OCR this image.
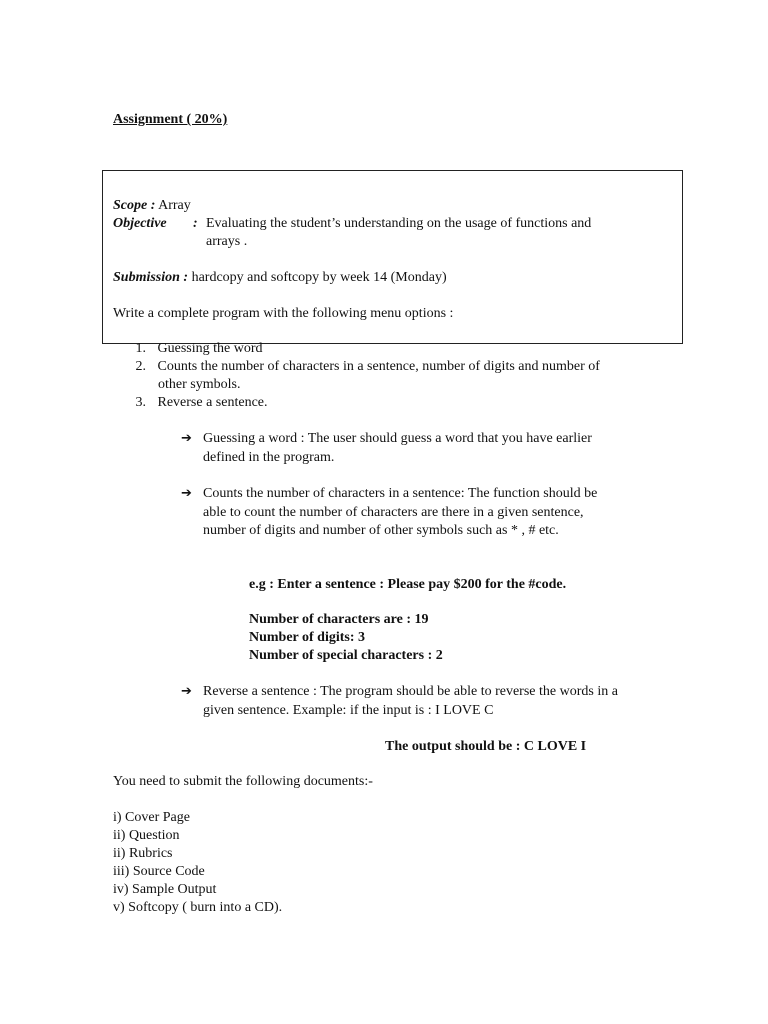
Assignment ( 20%)
Scope : Array
Objective : Evaluating the student’s understanding on the usage of functions and
arrays .
Submission : hardcopy and softcopy by week 14 (Monday)
Write a complete program with the following menu options :
1. Guessing the word
2. Counts the number of characters in a sentence, number of digits and number of
other symbols.
3. Reverse a sentence.
➔ Guessing a word : The user should guess a word that you have earlier
defined in the program.
➔ Counts the number of characters in a sentence: The function should be
able to count the number of characters are there in a given sentence,
number of digits and number of other symbols such as * , # etc.
e.g : Enter a sentence : Please pay $200 for the #code.
Number of characters are : 19
Number of digits: 3
Number of special characters : 2
➔ Reverse a sentence : The program should be able to reverse the words in a
given sentence. Example: if the input is : I LOVE C
The output should be : C LOVE I
You need to submit the following documents:-
i) Cover Page
ii) Question
ii) Rubrics
iii) Source Code
iv) Sample Output
v) Softcopy ( burn into a CD).
